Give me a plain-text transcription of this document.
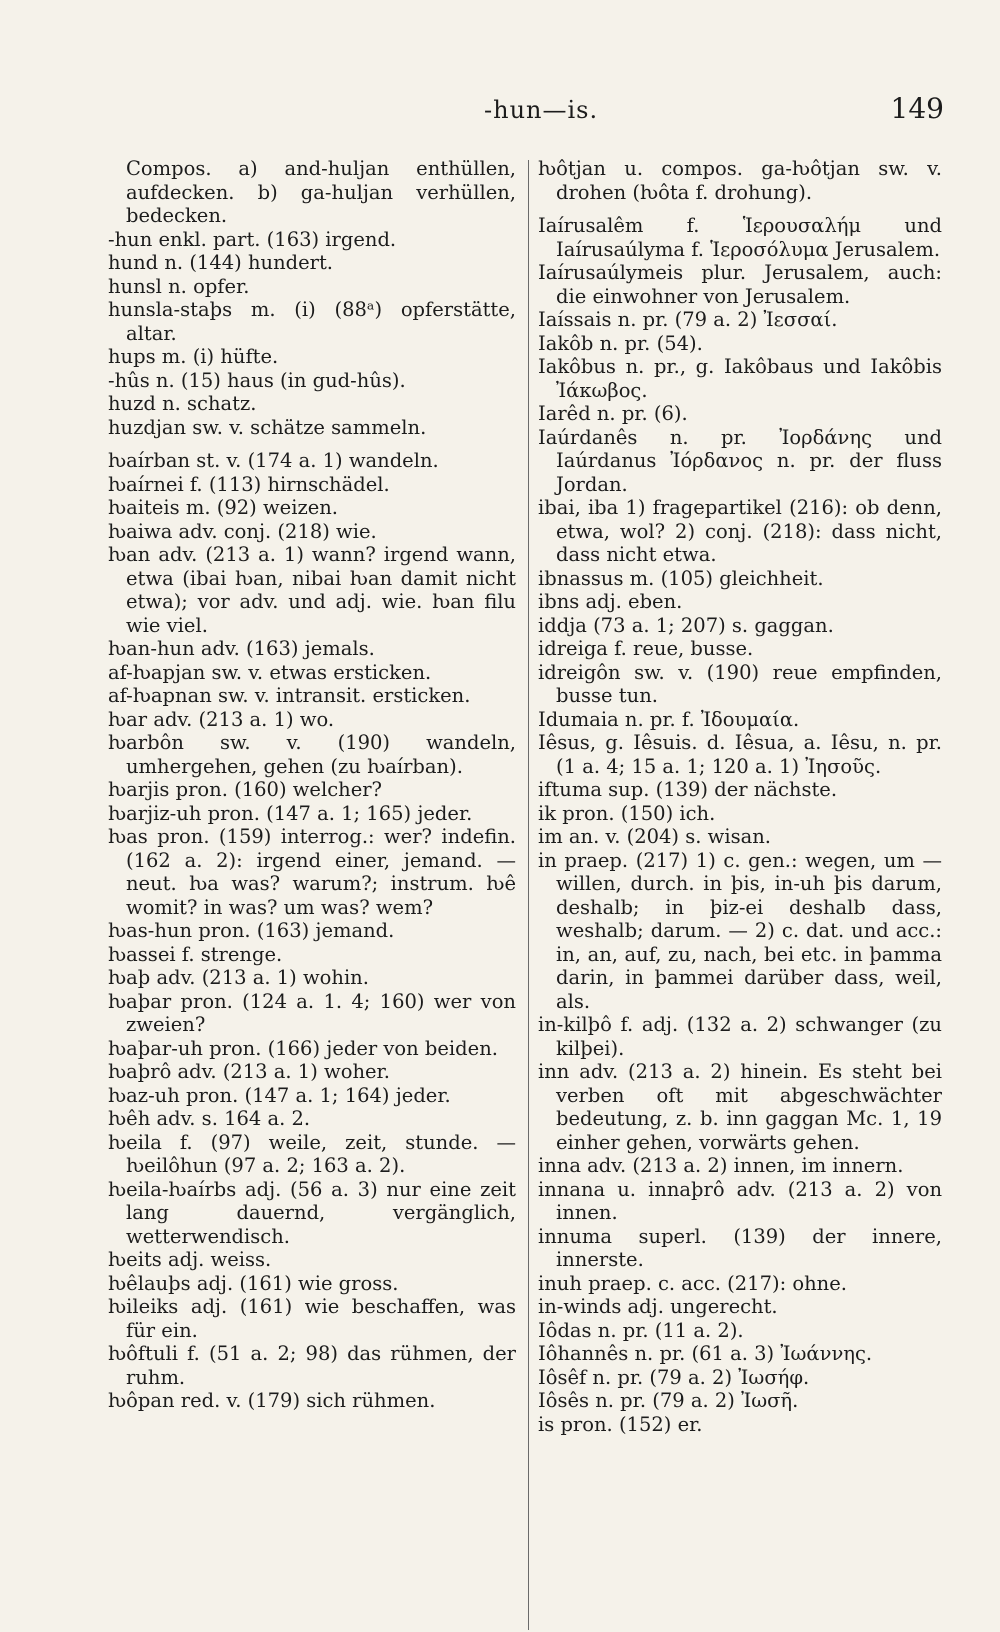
-hun—is.	149
Compos. a) and-huljan enthüllen, aufdecken. b) ga-huljan verhüllen, bedecken.
-hun enkl. part. (163) irgend.
hund n. (144) hundert.
hunsl n. opfer.
hunsla-staþs m. (i) (88ᵃ) opferstätte, altar.
hups m. (i) hüfte.
-hûs n. (15) haus (in gud-hûs).
huzd n. schatz.
huzdjan sw. v. schätze sammeln.
ƕaírban st. v. (174 a. 1) wandeln.
ƕaírnei f. (113) hirnschädel.
ƕaiteis m. (92) weizen.
ƕaiwa adv. conj. (218) wie.
ƕan adv. (213 a. 1) wann? irgend wann, etwa (ibai ƕan, nibai ƕan damit nicht etwa); vor adv. und adj. wie. ƕan filu wie viel.
ƕan-hun adv. (163) jemals.
af-ƕapjan sw. v. etwas ersticken.
af-ƕapnan sw. v. intransit. ersticken.
ƕar adv. (213 a. 1) wo.
ƕarbôn sw. v. (190) wandeln, umhergehen, gehen (zu ƕaírban).
ƕarjis pron. (160) welcher?
ƕarjiz-uh pron. (147 a. 1; 165) jeder.
ƕas pron. (159) interrog.: wer? indefin. (162 a. 2): irgend einer, jemand. — neut. ƕa was? warum?; instrum. ƕê womit? in was? um was? wem?
ƕas-hun pron. (163) jemand.
ƕassei f. strenge.
ƕaþ adv. (213 a. 1) wohin.
ƕaþar pron. (124 a. 1. 4; 160) wer von zweien?
ƕaþar-uh pron. (166) jeder von beiden.
ƕaþrô adv. (213 a. 1) woher.
ƕaz-uh pron. (147 a. 1; 164) jeder.
ƕêh adv. s. 164 a. 2.
ƕeila f. (97) weile, zeit, stunde. — ƕeilôhun (97 a. 2; 163 a. 2).
ƕeila-ƕaírbs adj. (56 a. 3) nur eine zeit lang dauernd, vergänglich, wetterwendisch.
ƕeits adj. weiss.
ƕêlauþs adj. (161) wie gross.
ƕileiks adj. (161) wie beschaffen, was für ein.
ƕôftuli f. (51 a. 2; 98) das rühmen, der ruhm.
ƕôpan red. v. (179) sich rühmen.
ƕôtjan u. compos. ga-ƕôtjan sw. v. drohen (ƕôta f. drohung).
Iaírusalêm f. Ἱερουσαλήμ und Iaírusaúlyma f. Ἱεροσόλυμα Jerusalem.
Iaírusaúlymeis plur. Jerusalem, auch: die einwohner von Jerusalem.
Iaíssais n. pr. (79 a. 2) Ἰεσσαί.
Iakôb n. pr. (54).
Iakôbus n. pr., g. Iakôbaus und Iakôbis Ἰάκωβος.
Iarêd n. pr. (6).
Iaúrdanês n. pr. Ἰορδάνης und Iaúrdanus Ἰόρδανος n. pr. der fluss Jordan.
ibai, iba 1) fragepartikel (216): ob denn, etwa, wol? 2) conj. (218): dass nicht, dass nicht etwa.
ibnassus m. (105) gleichheit.
ibns adj. eben.
iddja (73 a. 1; 207) s. gaggan.
idreiga f. reue, busse.
idreigôn sw. v. (190) reue empfinden, busse tun.
Idumaia n. pr. f. Ἰδουμαία.
Iêsus, g. Iêsuis. d. Iêsua, a. Iêsu, n. pr. (1 a. 4; 15 a. 1; 120 a. 1) Ἰησοῦς.
iftuma sup. (139) der nächste.
ik pron. (150) ich.
im an. v. (204) s. wisan.
in praep. (217) 1) c. gen.: wegen, um — willen, durch. in þis, in-uh þis darum, deshalb; in þiz-ei deshalb dass, weshalb; darum. — 2) c. dat. und acc.: in, an, auf, zu, nach, bei etc. in þamma darin, in þammei darüber dass, weil, als.
in-kilþô f. adj. (132 a. 2) schwanger (zu kilþei).
inn adv. (213 a. 2) hinein. Es steht bei verben oft mit abgeschwächter bedeutung, z. b. inn gaggan Mc. 1, 19 einher gehen, vorwärts gehen.
inna adv. (213 a. 2) innen, im innern.
innana u. innaþrô adv. (213 a. 2) von innen.
innuma superl. (139) der innere, innerste.
inuh praep. c. acc. (217): ohne.
in-winds adj. ungerecht.
Iôdas n. pr. (11 a. 2).
Iôhannês n. pr. (61 a. 3) Ἰωάννης.
Iôsêf n. pr. (79 a. 2) Ἰωσήφ.
Iôsês n. pr. (79 a. 2) Ἰωσῆ.
is pron. (152) er.
